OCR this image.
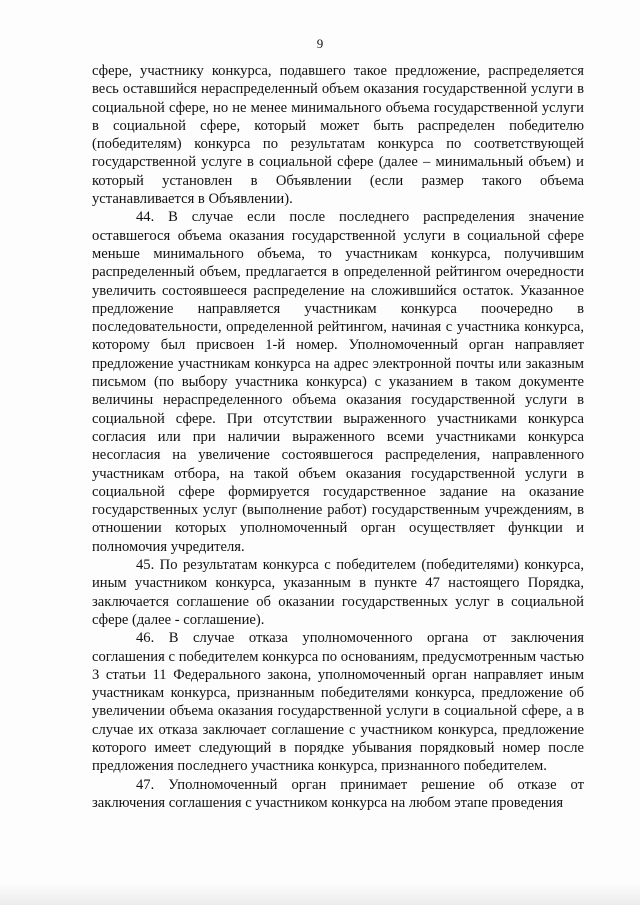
9

сфере, участнику конкурса, подавшего такое предложение, распределяется весь оставшийся нераспределенный объем оказания государственной услуги в социальной сфере, но не менее минимального объема государственной услуги в социальной сфере, который может быть распределен победителю (победителям) конкурса по результатам конкурса по соответствующей государственной услуге в социальной сфере (далее – минимальный объем) и который установлен в Объявлении (если размер такого объема устанавливается в Объявлении).

44. В случае если после последнего распределения значение оставшегося объема оказания государственной услуги в социальной сфере меньше минимального объема, то участникам конкурса, получившим распределенный объем, предлагается в определенной рейтингом очередности увеличить состоявшееся распределение на сложившийся остаток. Указанное предложение направляется участникам конкурса поочередно в последовательности, определенной рейтингом, начиная с участника конкурса, которому был присвоен 1-й номер. Уполномоченный орган направляет предложение участникам конкурса на адрес электронной почты или заказным письмом (по выбору участника конкурса) с указанием в таком документе величины нераспределенного объема оказания государственной услуги в социальной сфере. При отсутствии выраженного участниками конкурса согласия или при наличии выраженного всеми участниками конкурса несогласия на увеличение состоявшегося распределения, направленного участникам отбора, на такой объем оказания государственной услуги в социальной сфере формируется государственное задание на оказание государственных услуг (выполнение работ) государственным учреждениям, в отношении которых уполномоченный орган осуществляет функции и полномочия учредителя.

45. По результатам конкурса с победителем (победителями) конкурса, иным участником конкурса, указанным в пункте 47 настоящего Порядка, заключается соглашение об оказании государственных услуг в социальной сфере (далее - соглашение).

46. В случае отказа уполномоченного органа от заключения соглашения с победителем конкурса по основаниям, предусмотренным частью 3 статьи 11 Федерального закона, уполномоченный орган направляет иным участникам конкурса, признанным победителями конкурса, предложение об увеличении объема оказания государственной услуги в социальной сфере, а в случае их отказа заключает соглашение с участником конкурса, предложение которого имеет следующий в порядке убывания порядковый номер после предложения последнего участника конкурса, признанного победителем.

47. Уполномоченный орган принимает решение об отказе от заключения соглашения с участником конкурса на любом этапе проведения
